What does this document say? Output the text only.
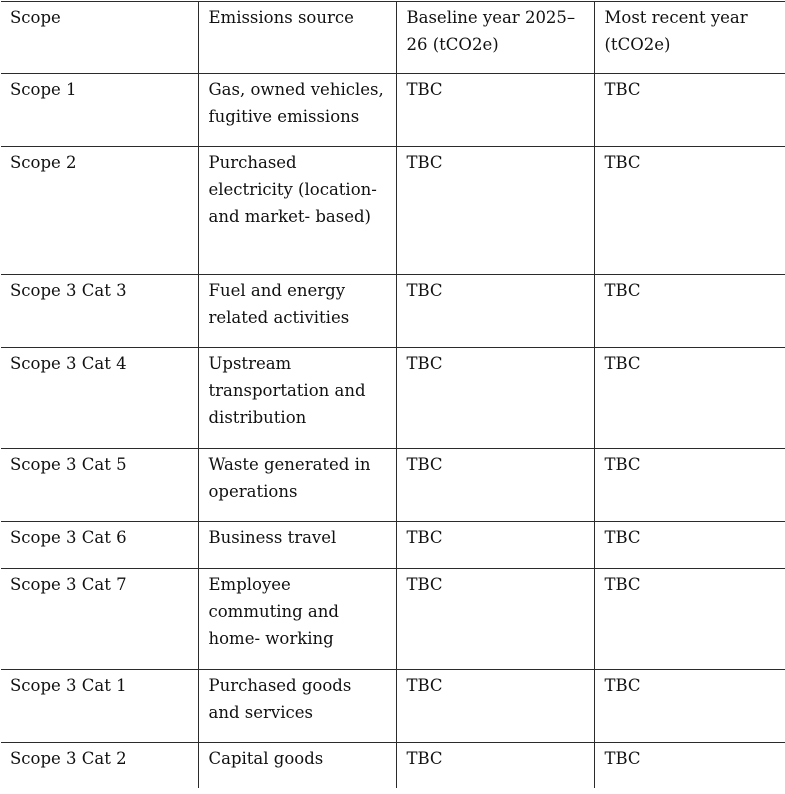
Scope	Emissions source	Baseline year 2025–26 (tCO2e)	Most recent year (tCO2e)
Scope 1	Gas, owned vehicles, fugitive emissions	TBC	TBC
Scope 2	Purchased electricity (location‐ and market‐ based)	TBC	TBC
Scope 3 Cat 3	Fuel and energy related activities	TBC	TBC
Scope 3 Cat 4	Upstream transportation and distribution	TBC	TBC
Scope 3 Cat 5	Waste generated in operations	TBC	TBC
Scope 3 Cat 6	Business travel	TBC	TBC
Scope 3 Cat 7	Employee commuting and home‐ working	TBC	TBC
Scope 3 Cat 1	Purchased goods and services	TBC	TBC
Scope 3 Cat 2	Capital goods	TBC	TBC
